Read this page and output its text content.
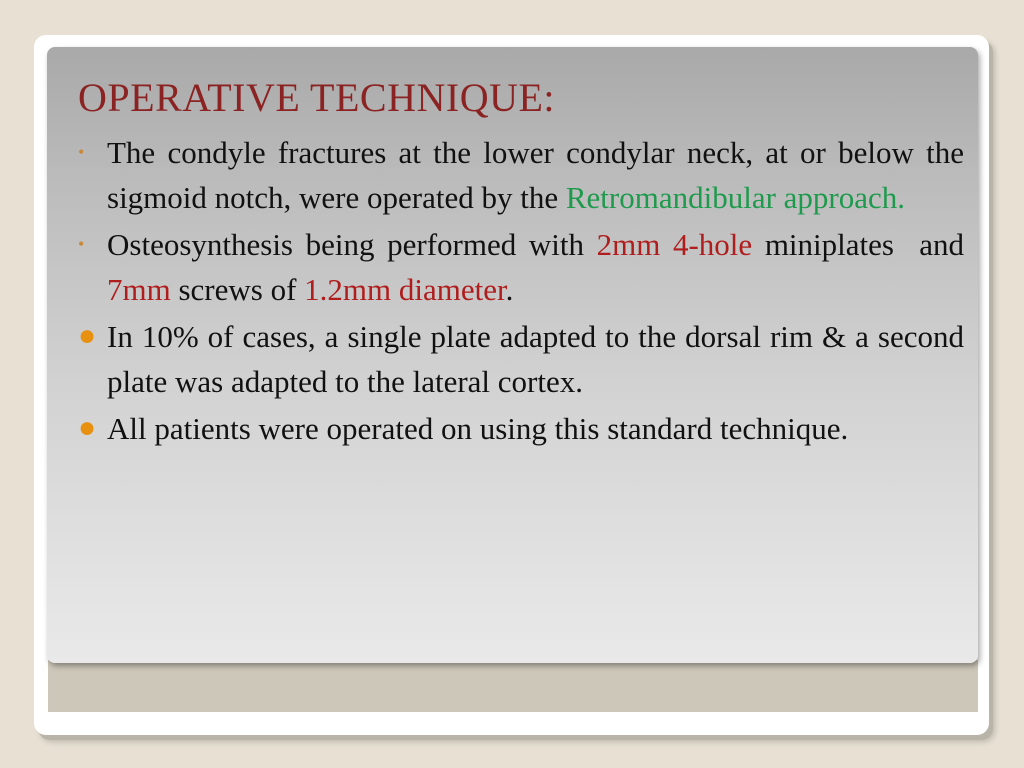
OPERATIVE TECHNIQUE:
• The condyle fractures at the lower condylar neck, at or below the sigmoid notch, were operated by the Retromandibular approach.
• Osteosynthesis being performed with 2mm 4-hole miniplates  and 7mm screws of 1.2mm diameter.
● In 10% of cases, a single plate adapted to the dorsal rim & a second plate was adapted to the lateral cortex.
● All patients were operated on using this standard technique.
